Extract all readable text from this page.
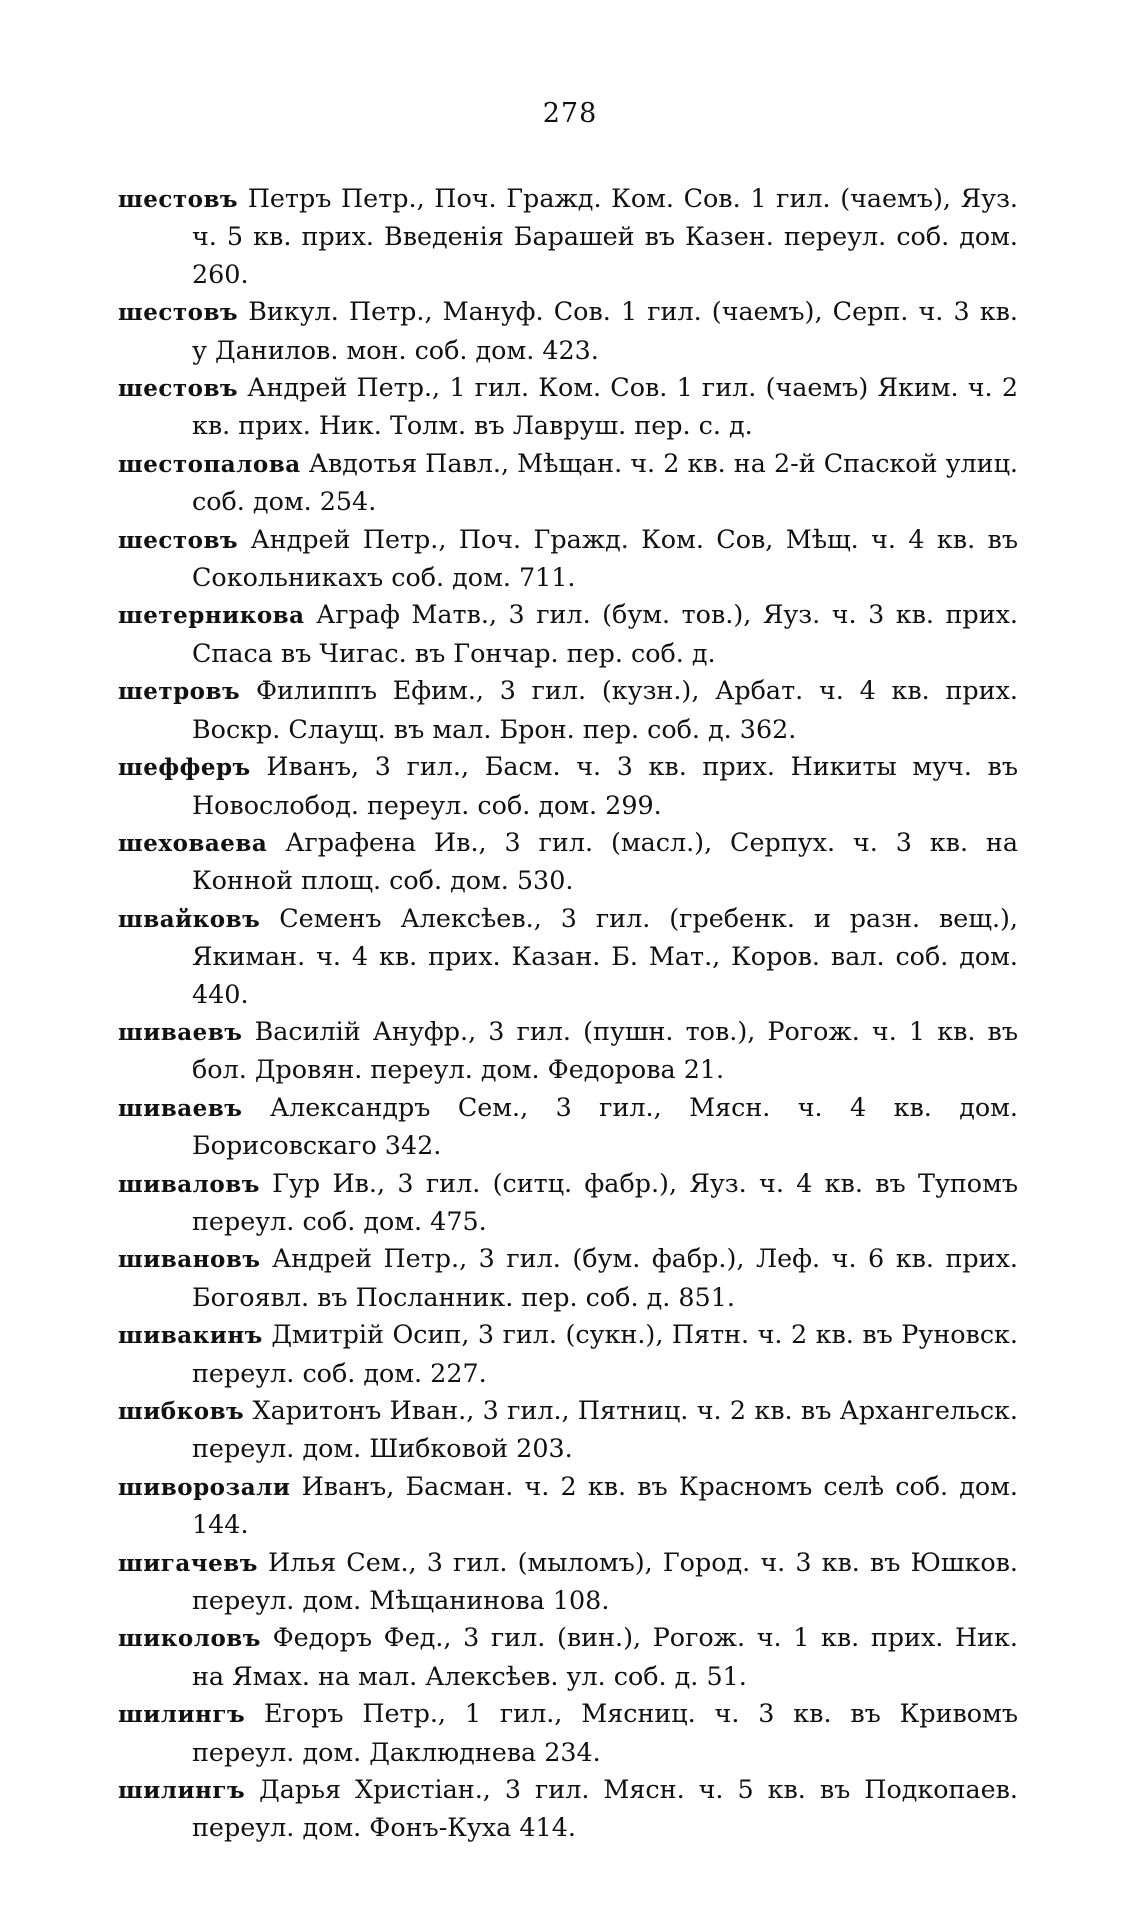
278

шестовъ Петръ Петр., Поч. Гражд. Ком. Сов. 1 гил. (чаемъ), Яуз. ч. 5 кв. прих. Введенія Барашей въ Казен. переул. соб. дом. 260.

шестовъ Викул. Петр., Мануф. Сов. 1 гил. (чаемъ), Серп. ч. 3 кв. у Данилов. мон. соб. дом. 423.

шестовъ Андрей Петр., 1 гил. Ком. Сов. 1 гил. (чаемъ) Яким. ч. 2 кв. прих. Ник. Толм. въ Лавруш. пер. с. д.

шестопалова Авдотья Павл., Мѣщан. ч. 2 кв. на 2-й Спаской улиц. соб. дом. 254.

шестовъ Андрей Петр., Поч. Гражд. Ком. Сов, Мѣщ. ч. 4 кв. въ Сокольникахъ соб. дом. 711.

шетерникова Аграф Матв., 3 гил. (бум. тов.), Яуз. ч. 3 кв. прих. Спаса въ Чигас. въ Гончар. пер. соб. д.

шетровъ Филиппъ Ефим., 3 гил. (кузн.), Арбат. ч. 4 кв. прих. Воскр. Слаущ. въ мал. Брон. пер. соб. д. 362.

шефферъ Иванъ, 3 гил., Басм. ч. 3 кв. прих. Никиты муч. въ Новослобод. переул. соб. дом. 299.

шеховаева Аграфена Ив., 3 гил. (масл.), Серпух. ч. 3 кв. на Конной площ. соб. дом. 530.

швайковъ Семенъ Алексѣев., 3 гил. (гребенк. и разн. вещ.), Якиман. ч. 4 кв. прих. Казан. Б. Мат., Коров. вал. соб. дом. 440.

шиваевъ Василій Ануфр., 3 гил. (пушн. тов.), Рогож. ч. 1 кв. въ бол. Дровян. переул. дом. Федорова 21.

шиваевъ Александръ Сем., 3 гил., Мясн. ч. 4 кв. дом. Борисовскаго 342.

шиваловъ Гур Ив., 3 гил. (ситц. фабр.), Яуз. ч. 4 кв. въ Тупомъ переул. соб. дом. 475.

шивановъ Андрей Петр., 3 гил. (бум. фабр.), Леф. ч. 6 кв. прих. Богоявл. въ Посланник. пер. соб. д. 851.

шивакинъ Дмитрій Осип, 3 гил. (сукн.), Пятн. ч. 2 кв. въ Руновск. переул. соб. дом. 227.

шибковъ Харитонъ Иван., 3 гил., Пятниц. ч. 2 кв. въ Архангельск. переул. дом. Шибковой 203.

шиворозали Иванъ, Басман. ч. 2 кв. въ Красномъ селѣ соб. дом. 144.

шигачевъ Илья Сем., 3 гил. (мыломъ), Город. ч. 3 кв. въ Юшков. переул. дом. Мѣщанинова 108.

шиколовъ Федоръ Фед., 3 гил. (вин.), Рогож. ч. 1 кв. прих. Ник. на Ямах. на мал. Алексѣев. ул. соб. д. 51.

шилингъ Егоръ Петр., 1 гил., Мясниц. ч. 3 кв. въ Кривомъ переул. дом. Даклюднева 234.

шилингъ Дарья Христіан., 3 гил. Мясн. ч. 5 кв. въ Подкопаев. переул. дом. Фонъ-Куха 414.
